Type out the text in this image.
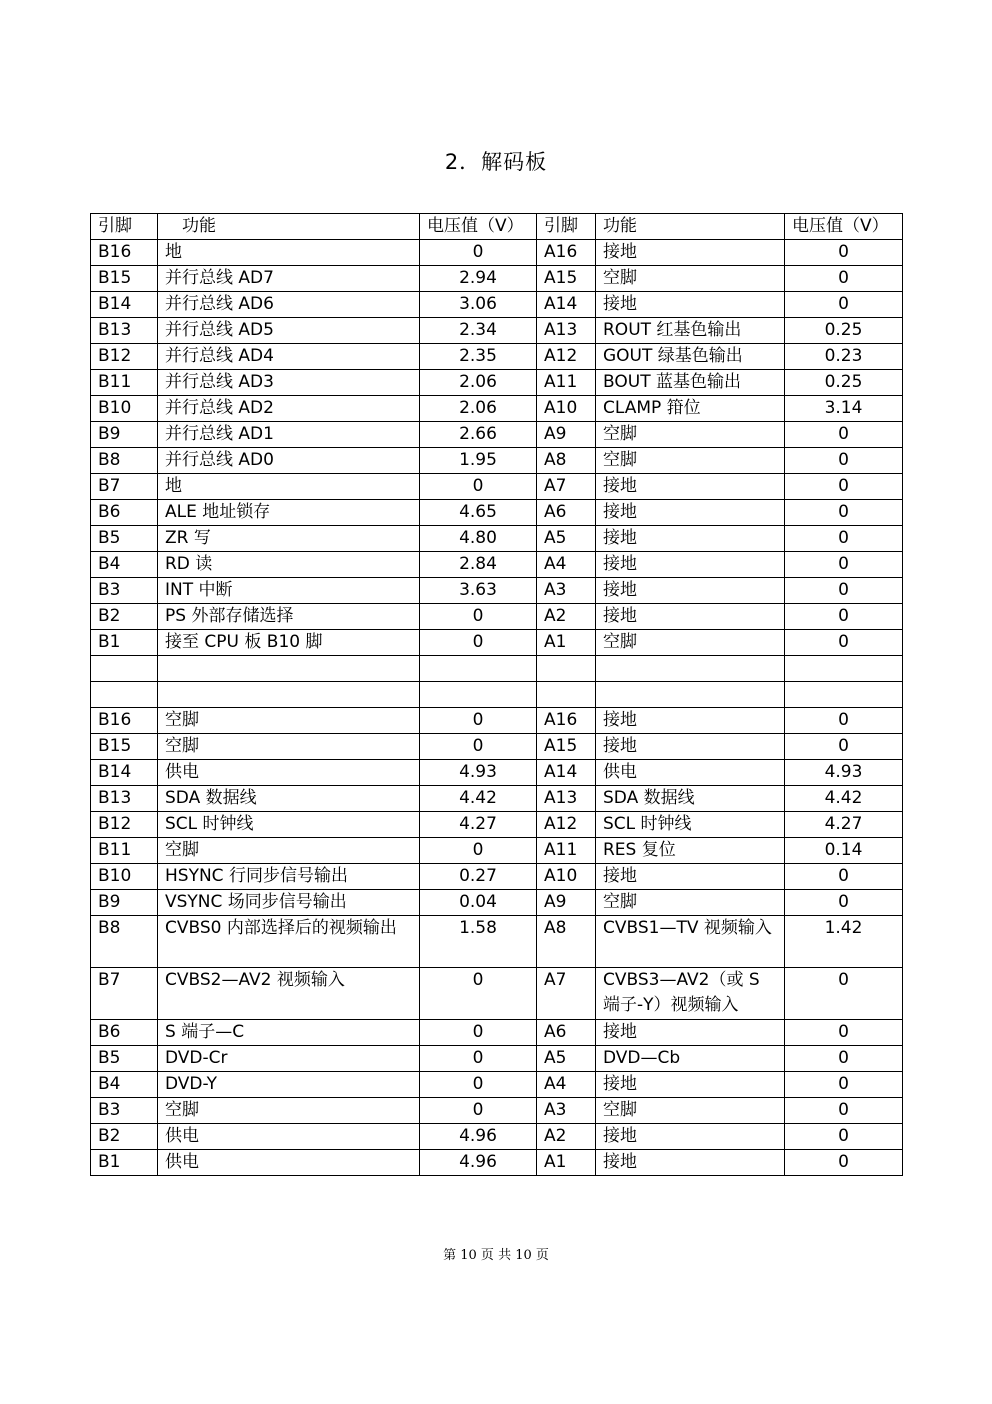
2．解码板
引脚	　功能	电压值（V）	引脚	功能	电压值（V）
B16	地	0	A16	接地	0
B15	并行总线 AD7	2.94	A15	空脚	0
B14	并行总线 AD6	3.06	A14	接地	0
B13	并行总线 AD5	2.34	A13	ROUT 红基色输出	0.25
B12	并行总线 AD4	2.35	A12	GOUT 绿基色输出	0.23
B11	并行总线 AD3	2.06	A11	BOUT 蓝基色输出	0.25
B10	并行总线 AD2	2.06	A10	CLAMP 箝位	3.14
B9	并行总线 AD1	2.66	A9	空脚	0
B8	并行总线 AD0	1.95	A8	空脚	0
B7	地	0	A7	接地	0
B6	ALE 地址锁存	4.65	A6	接地	0
B5	ZR 写	4.80	A5	接地	0
B4	RD 读	2.84	A4	接地	0
B3	INT 中断	3.63	A3	接地	0
B2	PS 外部存储选择	0	A2	接地	0
B1	接至 CPU 板 B10 脚	0	A1	空脚	0

B16	空脚	0	A16	接地	0
B15	空脚	0	A15	接地	0
B14	供电	4.93	A14	供电	4.93
B13	SDA 数据线	4.42	A13	SDA 数据线	4.42
B12	SCL 时钟线	4.27	A12	SCL 时钟线	4.27
B11	空脚	0	A11	RES 复位	0.14
B10	HSYNC 行同步信号输出	0.27	A10	接地	0
B9	VSYNC 场同步信号输出	0.04	A9	空脚	0
B8	CVBS0 内部选择后的视频输出	1.58	A8	CVBS1—TV 视频输入	1.42
B7	CVBS2—AV2 视频输入	0	A7	CVBS3—AV2（或 S 端子-Y）视频输入	0
B6	S 端子—C	0	A6	接地	0
B5	DVD-Cr	0	A5	DVD—Cb	0
B4	DVD-Y	0	A4	接地	0
B3	空脚	0	A3	空脚	0
B2	供电	4.96	A2	接地	0
B1	供电	4.96	A1	接地	0
第 10 页 共 10 页
